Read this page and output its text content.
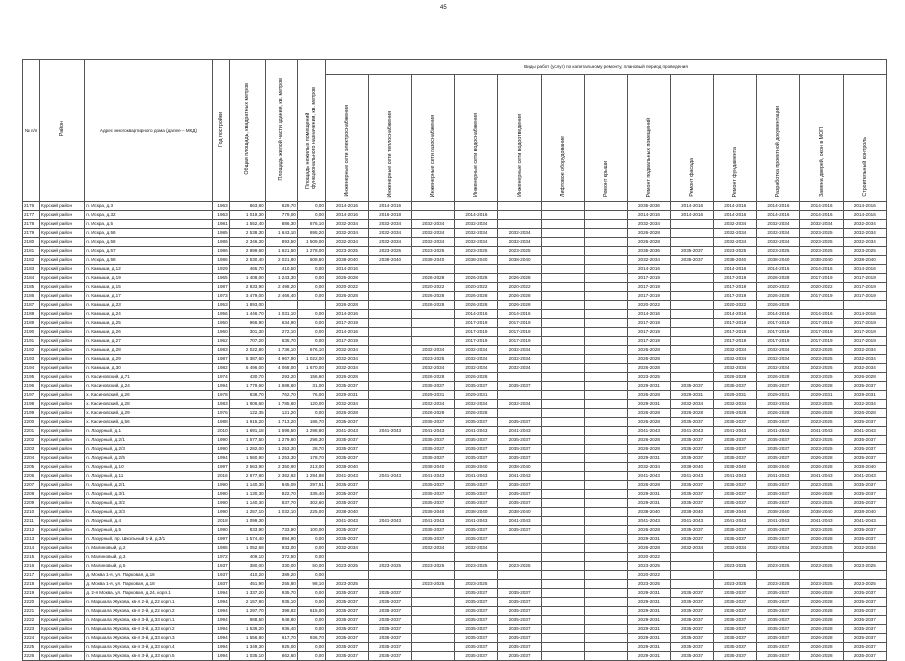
45
№ п/п	Район	Адрес многоквартирного дома (далее – МКД)	Год постройки	Общая площадь, квадратных метров	Площадь жилой части здания, кв. метров	Площадь нежилых помещений функционального назначения, кв. метров	Виды работ (услуг) по капитальному ремонту, плановый период проведения												
							Инженерные сети электроснабжения	Инженерные сети теплоснабжения	Инженерные сети газоснабжения	Инженерные сети водоснабжения	Инженерные сети водоотведения	Лифтовое оборудование	Ремонт крыши	Ремонт подвальных помещений	Ремонт фасада	Ремонт фундамента	Разработка проектной документации	Замена дверей, окон в МОП	Строительный контроль
2176	Курский район	п. Искра, д.3	1963	663,80	629,70	0,00	2014-2016	2014-2016						2035-2036	2014-2016	2014-2016	2014-2016	2014-2016	2014-2016
2177	Курский район	п. Искра, д.32	1963	1 019,30	779,00	0,00	2014-2016	2016-2018		2014-2016				2014-2016	2014-2016	2014-2016	2014-2016	2014-2016	2014-2016
2178	Курский район	п. Искра, д.5	1981	1 552,40	886,30	676,10	2032-2034	2032-2034	2032-2034	2032-2034				2032-2034		2032-2034	2032-2034	2032-2034	2032-2034
2179	Курский район	п. Искра, д.56	1985	2 538,30	1 643,10	895,20	2032-2034	2032-2034	2032-2034	2032-2034	2032-2034			2026-2028		2032-2034	2032-2034	2023-2025	2032-2034
2180	Курский район	п. Искра, д.56	1986	2 346,30	893,50	1 509,00	2032-2034	2032-2034	2032-2034	2032-2034	2032-2034			2026-2028		2032-2034	2032-2034	2023-2025	2032-2034
2181	Курский район	п. Искра, д.57	1986	2 899,60	1 621,50	1 278,00	2023-2025	2023-2025	2023-2025	2023-2025	2023-2025			2035-2036	2035-2037	2023-2025	2023-2025	2023-2025	2023-2025
2182	Курский район	п. Искра, д.58	1986	2 530,40	2 021,80	508,60	2038-2040	2038-2040	2038-2040	2038-2040	2038-2040			2032-2034	2035-2037	2038-2040	2038-2040	2038-2040	2038-2040
2183	Курский район	п. Камыши, д.12	1929	465,70	410,50	0,00	2014-2016							2014-2016		2014-2016	2014-2016	2014-2016	2014-2016
2184	Курский район	п. Камыши, д.19	1965	1 408,00	1 243,30	0,00	2026-2028		2026-2028	2026-2028	2026-2028			2017-2019		2017-2019	2026-2028	2017-2019	2017-2019
2185	Курский район	п. Камыши, д.15	1987	2 833,90	2 498,20	0,00	2020-2022		2020-2022	2020-2022	2020-2022			2017-2019		2017-2019	2020-2022	2020-2022	2017-2019
2186	Курский район	п. Камыши, д.17	1973	3 479,00	2 466,40	0,00	2026-2028		2026-2028	2026-2028	2026-2028			2017-2019		2017-2019	2026-2028	2017-2019	2017-2019
2187	Курский район	п. Камыши, д.23	1953	1 893,00			2026-2028		2026-2028	2026-2028	2026-2028			2020-2022		2020-2022	2026-2028		
2188	Курский район	п. Камыши, д.24	1956	1 446,70	1 031,10	0,00	2014-2016			2014-2016	2014-2016			2014-2016		2014-2016	2014-2016	2014-2016	2014-2016
2189	Курский район	п. Камыши, д.25	1950	966,90	634,90	0,00	2017-2019			2017-2019	2017-2019			2017-2019		2017-2019	2017-2019	2017-2019	2017-2019
2190	Курский район	п. Камыши, д.26	1960	301,30	272,10	0,00	2014-2016			2017-2019	2017-2019			2017-2019		2017-2019	2017-2019	2017-2019	2017-2019
2191	Курский район	п. Камыши, д.27	1962	707,20	635,70	0,00	2017-2019			2017-2019	2017-2019			2017-2019		2017-2019	2017-2019	2017-2019	2017-2019
2192	Курский район	п. Камыши, д.28	1983	2 022,80	1 736,10	676,10	2032-2034		2032-2034	2032-2034	2032-2034			2026-2028		2032-2034	2032-2034	2023-2025	2032-2034
2193	Курский район	п. Камыши, д.29	1987	5 387,60	4 967,90	1 022,00	2032-2034		2023-2025	2032-2034	2032-2034			2026-2028		2032-2034	2032-2034	2023-2025	2032-2034
2194	Курский район	п. Камыши, д.30	1982	5 496,00	4 068,00	1 670,00	2032-2034		2032-2034	2032-2034	2032-2034			2026-2028		2032-2034	2032-2034	2023-2025	2032-2034
2195	Курский район	п. Касиновский, д.71	1974	430,70	293,20	156,60	2026-2028		2026-2028	2026-2028				2023-2025		2026-2028	2026-2028	2023-2025	2026-2028
2196	Курский район	п. Касиновский, д.24	1994	1 779,60	1 688,60	31,00	2035-2037		2035-2037	2035-2037	2035-2037			2029-2031	2035-2037	2035-2037	2035-2037	2026-2028	2035-2037
2197	Курский район	х. Касиновский, д.26	1978	838,70	762,70	76,00	2029-2031		2029-2031	2029-2031				2026-2028	2029-2031	2029-2031	2029-2031	2029-2031	2029-2031
2198	Курский район	х. Касиновский, д.28	1983	1 906,60	1 785,60	120,00	2032-2034		2032-2034	2032-2034	2032-2034			2029-2031	2032-2034	2032-2034	2032-2034	2023-2025	2032-2034
2199	Курский район	х. Касиновский, д.29	1976	122,35	121,20	0,00	2026-2028		2026-2028	2026-2028				2026-2028	2026-2028	2026-2028	2026-2028	2026-2028	2026-2028
2200	Курский район	х. Касиновский, д.56	1988	1 915,20	1 713,20	186,70	2035-2037		2035-2037	2035-2037	2035-2037			2026-2028	2035-2037	2035-2037	2035-2037	2023-2025	2035-2037
2201	Курский район	п. Лазурный, д.1	2010	1 691,18	1 596,50	1 298,80	2041-2043	2041-2043	2041-2043	2041-2043	2041-2043			2041-2043	2041-2043	2041-2043	2041-2043	2041-2043	2041-2043
2202	Курский район	п. Лазурный, д.2/1	1990	1 577,50	1 279,80	298,30	2035-2037		2035-2037	2035-2037	2035-2037			2026-2028	2035-2037	2035-2037	2035-2037	2023-2025	2035-2037
2203	Курский район	п. Лазурный, д.2/3	1990	1 282,00	1 253,30	28,70	2035-2037		2035-2037	2035-2037	2035-2037			2026-2028	2035-2037	2035-2037	2035-2037	2023-2025	2035-2037
2204	Курский район	п. Лазурный, д.2/5	1994	1 560,90	1 253,30	178,70	2035-2037		2035-2037	2035-2037	2035-2037			2029-2031	2035-2037	2035-2037	2035-2037	2026-2028	2035-2037
2205	Курский район	п. Лазурный, д.10	1997	2 563,90	2 350,90	213,00	2038-2040		2038-2040	2038-2040	2038-2040			2032-2034	2038-2040	2038-2040	2038-2040	2026-2028	2038-2040
2206	Курский район	п. Лазурный, д.11	2016	2 677,80	2 362,92	1 294,88	2041-2043	2041-2043	2041-2043	2041-2043	2041-2043			2041-2043	2041-2043	2041-2043	2041-2043	2041-2043	2041-2043
2207	Курский район	п. Лазурный, д.2/1	1990	1 140,30	845,09	297,51	2035-2037		2035-2037	2035-2037	2035-2037			2026-2028	2035-2037	2035-2037	2035-2037	2023-2025	2035-2037
2208	Курский район	п. Лазурный, д.3/1	1990	1 130,30	822,70	335,40	2035-2037		2035-2037	2035-2037	2035-2037			2029-2031	2035-2037	2035-2037	2035-2037	2026-2028	2035-2037
2209	Курский район	п. Лазурный, д.3/2	1990	1 140,30	837,70	302,60	2035-2037		2035-2037	2035-2037	2035-2037			2029-2031	2035-2037	2035-2037	2035-2037	2023-2025	2035-2037
2210	Курский район	п. Лазурный, д.3/3	1990	1 257,10	1 032,10	225,00	2038-2040		2038-2040	2038-2040	2038-2040			2038-2040	2038-2040	2038-2040	2038-2040	2038-2040	2038-2040
2211	Курский район	п. Лазурный, д.4	2018	1 099,30			2041-2043	2041-2043	2041-2043	2041-2043	2041-2043			2041-2043	2041-2043	2041-2043	2041-2043	2041-2043	2041-2043
2212	Курский район	п. Лазурный, д.5	1990	833,90	733,90	100,00	2035-2037		2035-2037	2035-2037	2035-2037			2026-2028	2035-2037	2035-2037	2035-2037	2023-2025	2035-2037
2213	Курский район	п. Лазурный, пр. Школьный 1-й, д.3/1	1997	1 574,40	894,90	0,00	2035-2037		2035-2037	2035-2037				2029-2031	2035-2037	2035-2037	2035-2037	2026-2028	2035-2037
2214	Курский район	п. Малиновый, д.2	1985	1 052,68	933,00	0,00	2032-2034		2032-2034	2032-2034				2026-2028	2032-2034	2032-2034	2032-2034	2023-2025	2032-2034
2215	Курский район	п. Малиновый, д.3	1972	409,10	372,50	0,00								2020-2022					
2216	Курский район	п. Малиновый, д.5	1937	380,00	330,00	50,00	2023-2025	2023-2025	2023-2025	2023-2025	2023-2025			2023-2025		2023-2025	2023-2025	2023-2025	2023-2025
2217	Курский район	д. Моква 1-я, ул. Парковая, д.16	1937	410,20	389,20	0,00								2020-2022					
2218	Курский район	д. Моква 1-я, ул. Парковая, д.18	1937	451,90	255,80	98,10	2023-2025		2023-2025	2023-2025				2023-2025		2023-2025	2023-2025	2023-2025	2023-2025
2219	Курский район	д. 2-я Моква, ул. Парковая, д.24, корп.1	1994	1 337,20	935,70	0,00	2035-2037	2035-2037		2035-2037	2035-2037			2029-2031	2035-2037	2035-2037	2035-2037	2026-2028	2035-2037
2220	Курский район	п. Маршала Жукова, кв-л 2-й, д.22 корп.1	1994	2 157,80	935,10	0,00	2035-2037	2035-2037		2035-2037	2035-2037			2029-2031	2035-2037	2035-2037	2035-2037	2026-2028	2035-2037
2221	Курский район	п. Маршала Жукова, кв-л 2-й, д.22 корп.2	1994	1 297,70	398,82	615,00	2035-2037	2035-2037		2035-2037	2035-2037			2029-2031	2035-2037	2035-2037	2035-2037	2026-2028	2035-2037
2222	Курский район	п. Маршала Жукова, кв-л 3-й, д.33 корп.1	1994	988,50	648,80	0,00	2035-2037	2035-2037		2035-2037	2035-2037			2029-2031	2035-2037	2035-2037	2035-2037	2026-2028	2035-2037
2223	Курский район	п. Маршала Жукова, кв-л 3-й, д.33 корп.2	1994	1 536,20	936,40	0,00	2035-2037	2035-2037		2035-2037	2035-2037			2029-2031	2035-2037	2035-2037	2035-2037	2026-2028	2035-2037
2224	Курский район	п. Маршала Жукова, кв-л 3-й, д.33 корп.3	1994	1 556,80	617,70	936,70	2035-2037	2035-2037		2035-2037	2035-2037			2029-2031	2035-2037	2035-2037	2035-2037	2026-2028	2035-2037
2225	Курский район	п. Маршала Жукова, кв-л 3-й, д.33 корп.4	1994	1 349,30	925,00	0,00	2035-2037	2035-2037		2035-2037	2035-2037			2029-2031	2035-2037	2035-2037	2035-2037	2026-2028	2035-2037
2226	Курский район	п. Маршала Жукова, кв-л 3-й, д.33 корп.5	1994	1 035,10	662,60	0,00	2035-2037	2035-2037		2035-2037	2035-2037			2029-2031	2035-2037	2035-2037	2035-2037	2026-2028	2035-2037
